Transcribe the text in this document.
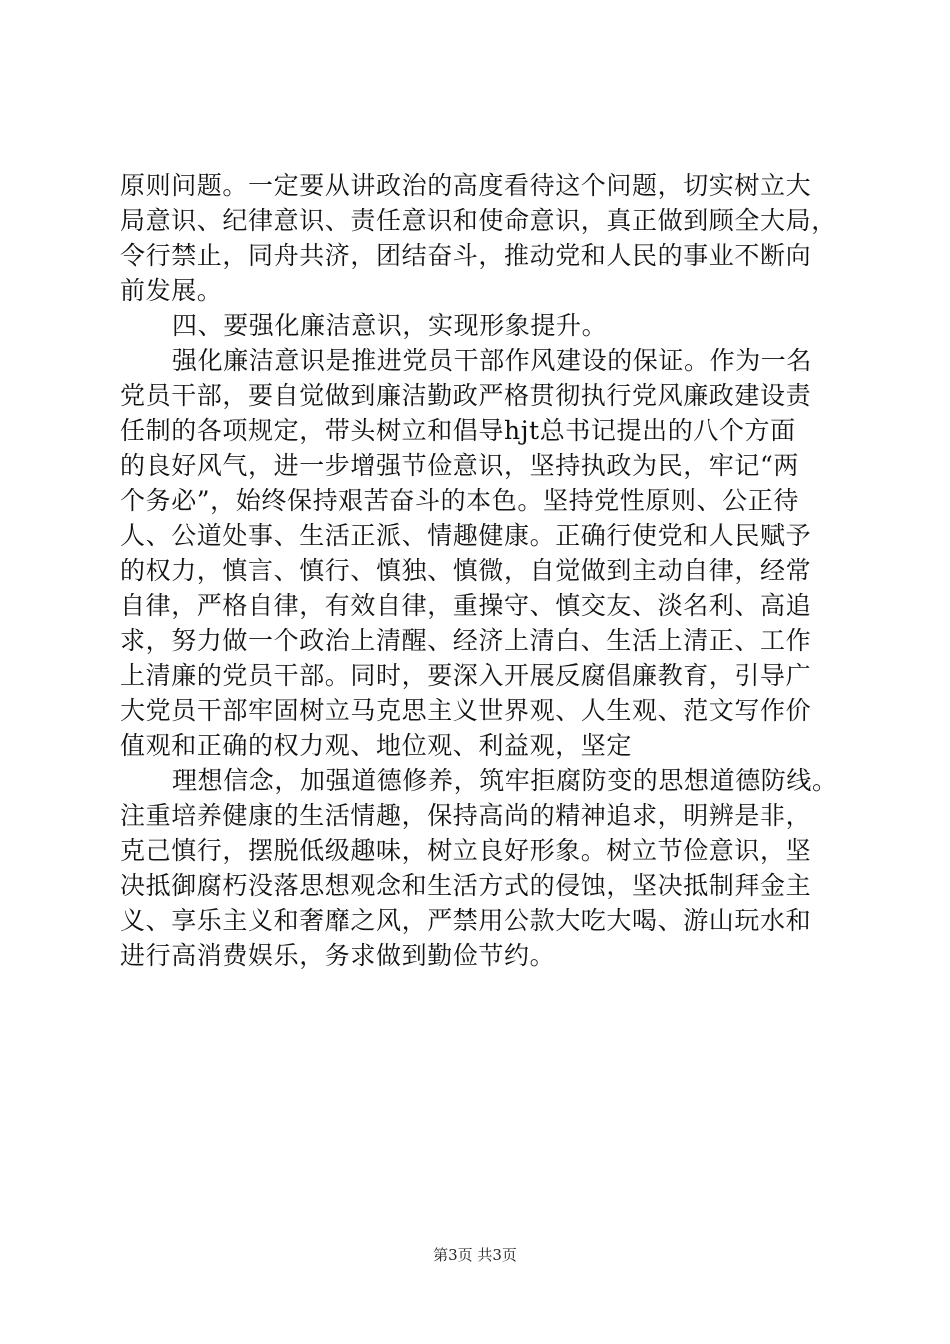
原则问题。一定要从讲政治的高度看待这个问题，切实树立大
局意识、纪律意识、责任意识和使命意识，真正做到顾全大局，
令行禁止，同舟共济，团结奋斗，推动党和人民的事业不断向
前发展。
四、要强化廉洁意识，实现形象提升。
强化廉洁意识是推进党员干部作风建设的保证。作为一名
党员干部，要自觉做到廉洁勤政严格贯彻执行党风廉政建设责
任制的各项规定，带头树立和倡导hjt总书记提出的八个方面
的良好风气，进一步增强节俭意识，坚持执政为民，牢记“两
个务必”，始终保持艰苦奋斗的本色。坚持党性原则、公正待
人、公道处事、生活正派、情趣健康。正确行使党和人民赋予
的权力，慎言、慎行、慎独、慎微，自觉做到主动自律，经常
自律，严格自律，有效自律，重操守、慎交友、淡名利、高追
求，努力做一个政治上清醒、经济上清白、生活上清正、工作
上清廉的党员干部。同时，要深入开展反腐倡廉教育，引导广
大党员干部牢固树立马克思主义世界观、人生观、范文写作价
值观和正确的权力观、地位观、利益观，坚定
理想信念，加强道德修养，筑牢拒腐防变的思想道德防线。
注重培养健康的生活情趣，保持高尚的精神追求，明辨是非，
克己慎行，摆脱低级趣味，树立良好形象。树立节俭意识，坚
决抵御腐朽没落思想观念和生活方式的侵蚀，坚决抵制拜金主
义、享乐主义和奢靡之风，严禁用公款大吃大喝、游山玩水和
进行高消费娱乐，务求做到勤俭节约。
第3页 共3页
